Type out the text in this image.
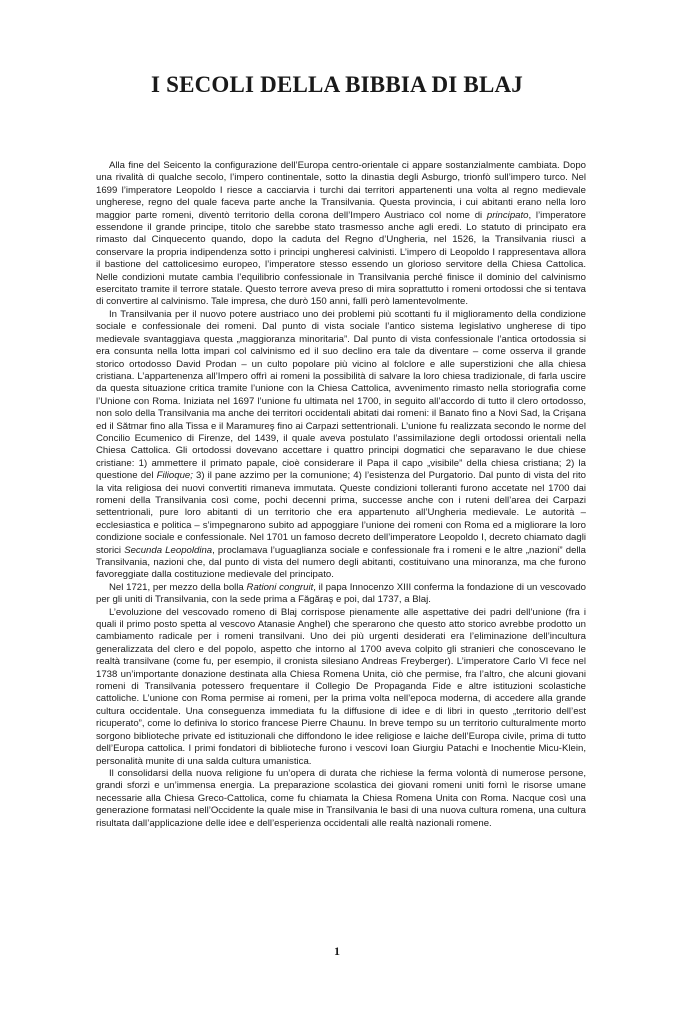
I SECOLI DELLA BIBBIA DI BLAJ

Alla fine del Seicento la configurazione dell’Europa centro-orientale ci appare sostanzialmente cambiata. Dopo una rivalità di qualche secolo, l’impero continentale, sotto la dinastia degli Asburgo, trionfò sull’impero turco. Nel 1699 l’imperatore Leopoldo I riesce a cacciarvia i turchi dai territori appartenenti una volta al regno medievale ungherese, regno del quale faceva parte anche la Transilvania. Questa provincia, i cui abitanti erano nella loro maggior parte romeni, diventò territorio della corona dell’Impero Austriaco col nome di principato, l’imperatore essendone il grande principe, titolo che sarebbe stato trasmesso anche agli eredi. Lo statuto di principato era rimasto dal Cinquecento quando, dopo la caduta del Regno d’Ungheria, nel 1526, la Transilvania riuscì a conservare la propria indipendenza sotto i principi ungheresi calvinisti. L’impero di Leopoldo I rappresentava allora il bastione del cattolicesimo europeo, l’imperatore stesso essendo un glorioso servitore della Chiesa Cattolica. Nelle condizioni mutate cambia l’equilibrio confessionale in Transilvania perché finisce il dominio del calvinismo esercitato tramite il terrore statale. Questo terrore aveva preso di mira soprattutto i romeni ortodossi che si tentava di convertire al calvinismo. Tale impresa, che durò 150 anni, fallì però lamentevolmente.

In Transilvania per il nuovo potere austriaco uno dei problemi più scottanti fu il miglioramento della condizione sociale e confessionale dei romeni. Dal punto di vista sociale l’antico sistema legislativo ungherese di tipo medievale svantaggiava questa „maggioranza minoritaria”. Dal punto di vista confessionale l’antica ortodossia si era consunta nella lotta impari col calvinismo ed il suo declino era tale da diventare – come osserva il grande storico ortodosso David Prodan – un culto popolare più vicino al folclore e alle superstizioni che alla chiesa cristiana. L’appartenenza all’Impero offrì ai romeni la possibilità di salvare la loro chiesa tradizionale, di farla uscire da questa situazione critica tramite l’unione con la Chiesa Cattolica, avvenimento rimasto nella storiografia come l’Unione con Roma. Iniziata nel 1697 l’unione fu ultimata nel 1700, in seguito all’accordo di tutto il clero ortodosso, non solo della Transilvania ma anche dei territori occidentali abitati dai romeni: il Banato fino a Novi Sad, la Crişana ed il Sătmar fino alla Tissa e il Maramureş fino ai Carpazi settentrionali. L’unione fu realizzata secondo le norme del Concilio Ecumenico di Firenze, del 1439, il quale aveva postulato l’assimilazione degli ortodossi orientali nella Chiesa Cattolica. Gli ortodossi dovevano accettare i quattro principi dogmatici che separavano le due chiese cristiane: 1) ammettere il primato papale, cioè considerare il Papa il capo „visibile” della chiesa cristiana; 2) la questione del Filioque; 3) il pane azzimo per la comunione; 4) l’esistenza del Purgatorio. Dal punto di vista del rito la vita religiosa dei nuovi convertiti rimaneva immutata. Queste condizioni tolleranti furono accetate nel 1700 dai romeni della Transilvania così come, pochi decenni prima, successe anche con i ruteni dell’area dei Carpazi settentrionali, pure loro abitanti di un territorio che era appartenuto all’Ungheria medievale. Le autorità – ecclesiastica e politica – s’impegnarono subito ad appoggiare l’unione dei romeni con Roma ed a migliorare la loro condizione sociale e confessionale. Nel 1701 un famoso decreto dell’imperatore Leopoldo I, decreto chiamato dagli storici Secunda Leopoldina, proclamava l’uguaglianza sociale e confessionale fra i romeni e le altre „nazioni” della Transilvania, nazioni che, dal punto di vista del numero degli abitanti, costituivano una minoranza, ma che furono favoreggiate dalla costituzione medievale del principato.

Nel 1721, per mezzo della bolla Rationi congruit, il papa Innocenzo XIII conferma la fondazione di un vescovado per gli uniti di Transilvania, con la sede prima a Făgăraş e poi, dal 1737, a Blaj.

L’evoluzione del vescovado romeno di Blaj corrispose pienamente alle aspettative dei padri dell’unione (fra i quali il primo posto spetta al vescovo Atanasie Anghel) che sperarono che questo atto storico avrebbe prodotto un cambiamento radicale per i romeni transilvani. Uno dei più urgenti desiderati era l’eliminazione dell’incultura generalizzata del clero e del popolo, aspetto che intorno al 1700 aveva colpito gli stranieri che conoscevano le realtà transilvane (come fu, per esempio, il cronista silesiano Andreas Freyberger). L’imperatore Carlo VI fece nel 1738 un’importante donazione destinata alla Chiesa Romena Unita, ciò che permise, fra l’altro, che alcuni giovani romeni di Transilvania potessero frequentare il Collegio De Propaganda Fide e altre istituzioni scolastiche cattoliche. L’unione con Roma permise ai romeni, per la prima volta nell’epoca moderna, di accedere alla grande cultura occidentale. Una conseguenza immediata fu la diffusione di idee e di libri in questo „territorio dell’est ricuperato”, come lo definiva lo storico francese Pierre Chaunu. In breve tempo su un territorio culturalmente morto sorgono biblioteche private ed istituzionali che diffondono le idee religiose e laiche dell’Europa civile, prima di tutto dell’Europa cattolica. I primi fondatori di biblioteche furono i vescovi Ioan Giurgiu Patachi e Inochentie Micu-Klein, personalità munite di una salda cultura umanistica.

Il consolidarsi della nuova religione fu un’opera di durata che richiese la ferma volontà di numerose persone, grandi sforzi e un’immensa energia. La preparazione scolastica dei giovani romeni uniti fornì le risorse umane necessarie alla Chiesa Greco-Cattolica, come fu chiamata la Chiesa Romena Unita con Roma. Nacque così una generazione formatasi nell’Occidente la quale mise in Transilvania le basi di una nuova cultura romena, una cultura risultata dall’applicazione delle idee e dell’esperienza occidentali alle realtà nazionali romene.

1
